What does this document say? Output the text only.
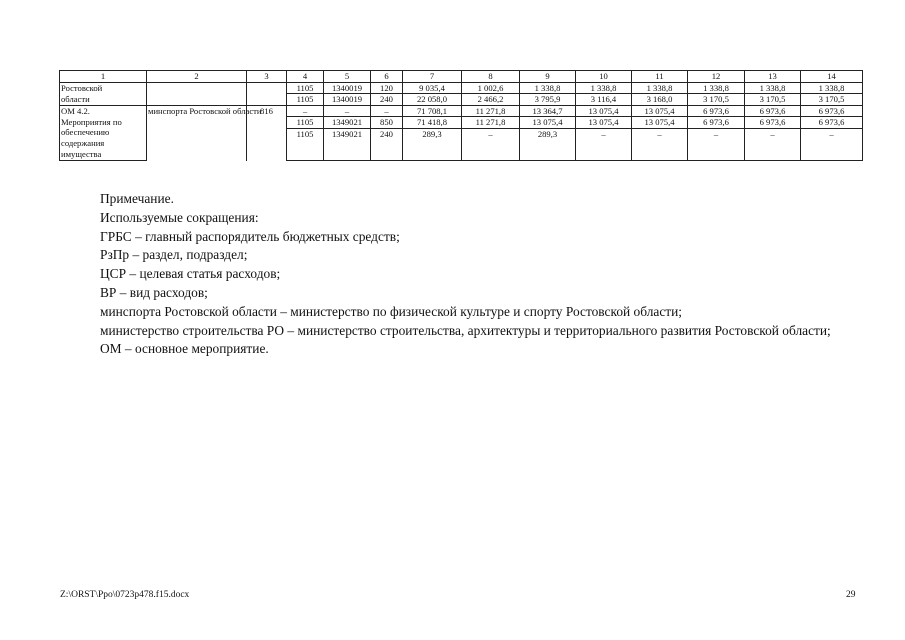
1	2	3	4	5	6	7	8	9	10	11	12	13	14
Ростовской			1105	1340019	120	9 035,4	1 002,6	1 338,8	1 338,8	1 338,8	1 338,8	1 338,8	1 338,8
области			1105	1340019	240	22 058,0	2 466,2	3 795,9	3 116,4	3 168,0	3 170,5	3 170,5	3 170,5
ОМ 4.2.	минспорта Ростовской области	816	–	–	–	71 708,1	11 271,8	13 364,7	13 075,4	13 075,4	6 973,6	6 973,6	6 973,6
Мероприятия по обеспечению содержания имущества			1105	1349021	850	71 418,8	11 271,8	13 075,4	13 075,4	13 075,4	6 973,6	6 973,6	6 973,6
			1105	1349021	240	289,3	–	289,3	–	–	–	–	–

Примечание.

Используемые сокращения:

ГРБС – главный распорядитель бюджетных средств;

РзПр – раздел, подраздел;

ЦСР – целевая статья расходов;

ВР – вид расходов;

минспорта Ростовской области – министерство по физической культуре и спорту Ростовской области;

министерство строительства РО – министерство строительства, архитектуры и территориального развития Ростовской области;

ОМ – основное мероприятие.

Z:\ORST\Ppo\0723p478.f15.docx	29
